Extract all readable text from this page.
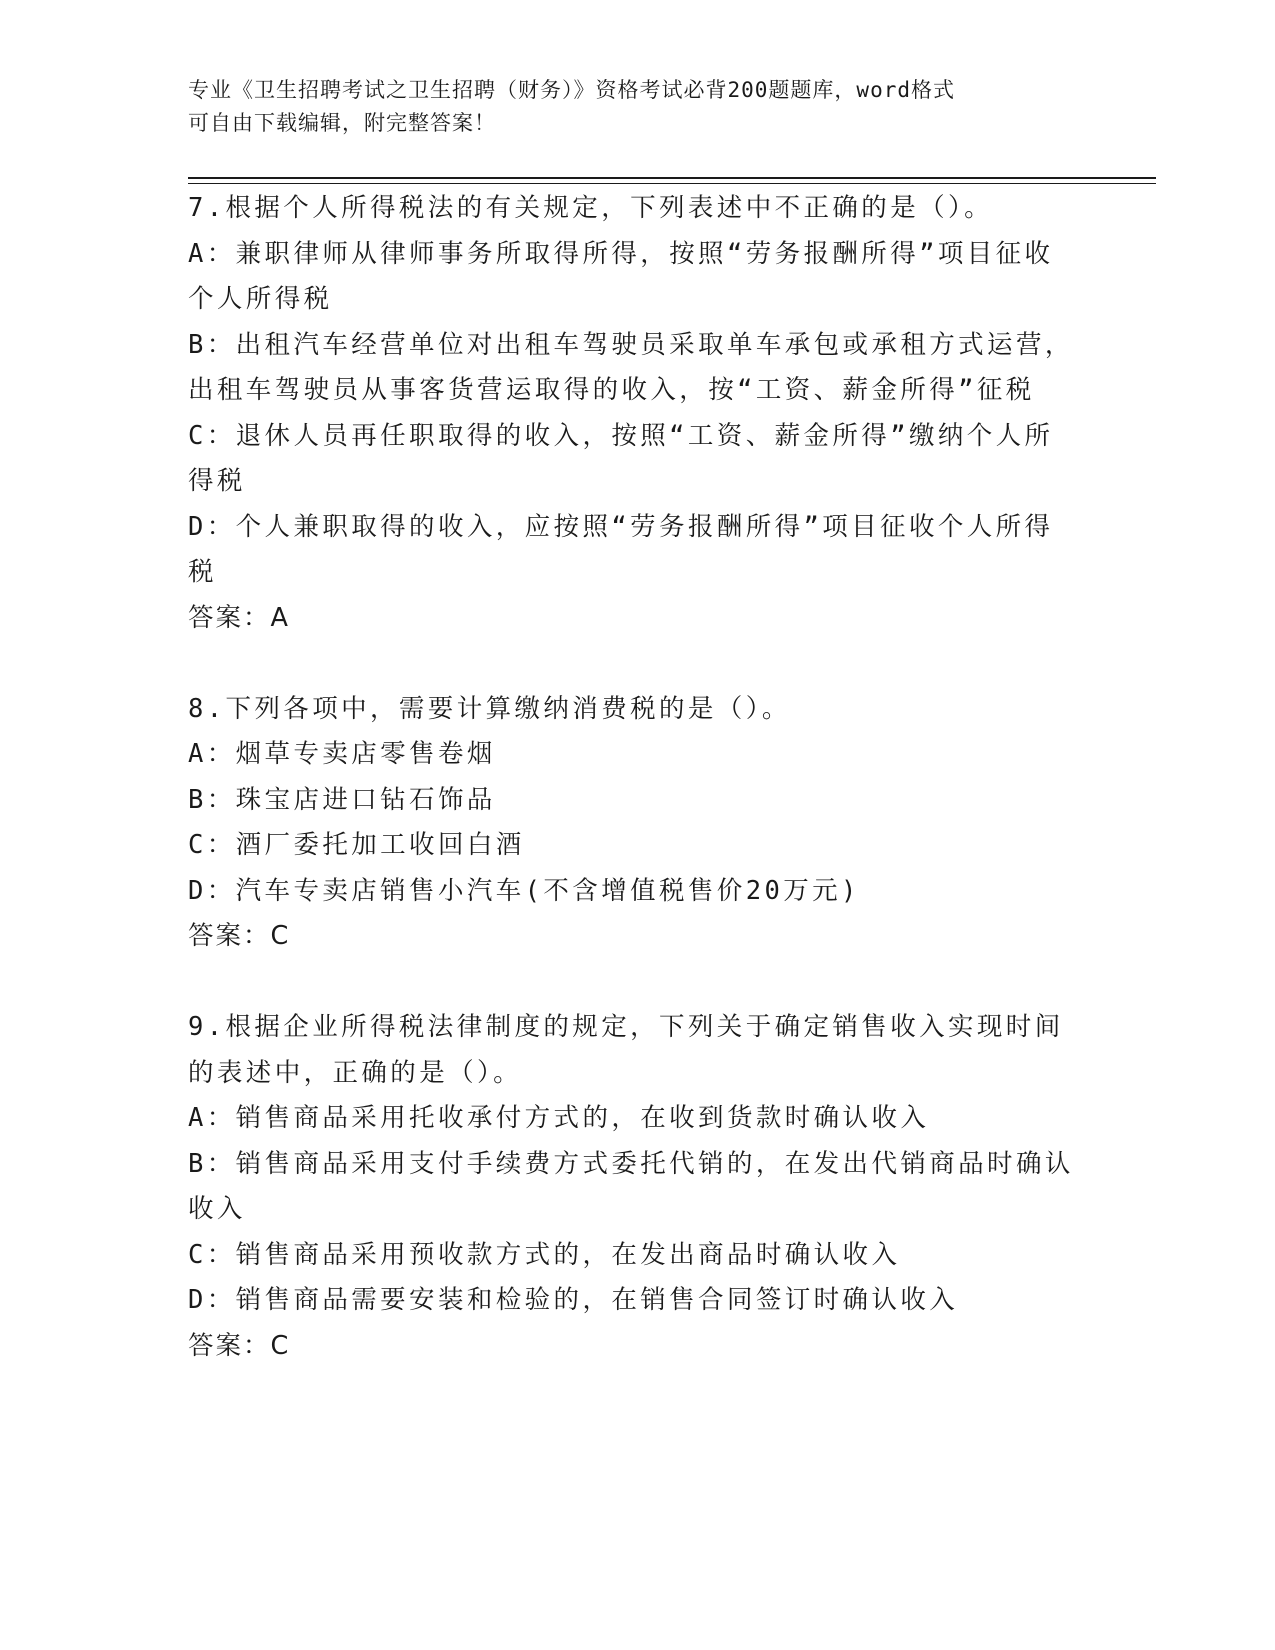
专业《卫生招聘考试之卫生招聘（财务）》资格考试必背200题题库，word格式
可自由下载编辑，附完整答案！

7.根据个人所得税法的有关规定，下列表述中不正确的是（）。

A：兼职律师从律师事务所取得所得，按照“劳务报酬所得”项目征收

个人所得税

B：出租汽车经营单位对出租车驾驶员采取单车承包或承租方式运营，

出租车驾驶员从事客货营运取得的收入，按“工资、薪金所得”征税

C：退休人员再任职取得的收入，按照“工资、薪金所得”缴纳个人所

得税

D：个人兼职取得的收入，应按照“劳务报酬所得”项目征收个人所得

税

答案：A

8.下列各项中，需要计算缴纳消费税的是（）。

A：烟草专卖店零售卷烟

B：珠宝店进口钻石饰品

C：酒厂委托加工收回白酒

D：汽车专卖店销售小汽车(不含增值税售价20万元)

答案：C

9.根据企业所得税法律制度的规定，下列关于确定销售收入实现时间

的表述中，正确的是（）。

A：销售商品采用托收承付方式的，在收到货款时确认收入

B：销售商品采用支付手续费方式委托代销的，在发出代销商品时确认

收入

C：销售商品采用预收款方式的，在发出商品时确认收入

D：销售商品需要安装和检验的，在销售合同签订时确认收入

答案：C
